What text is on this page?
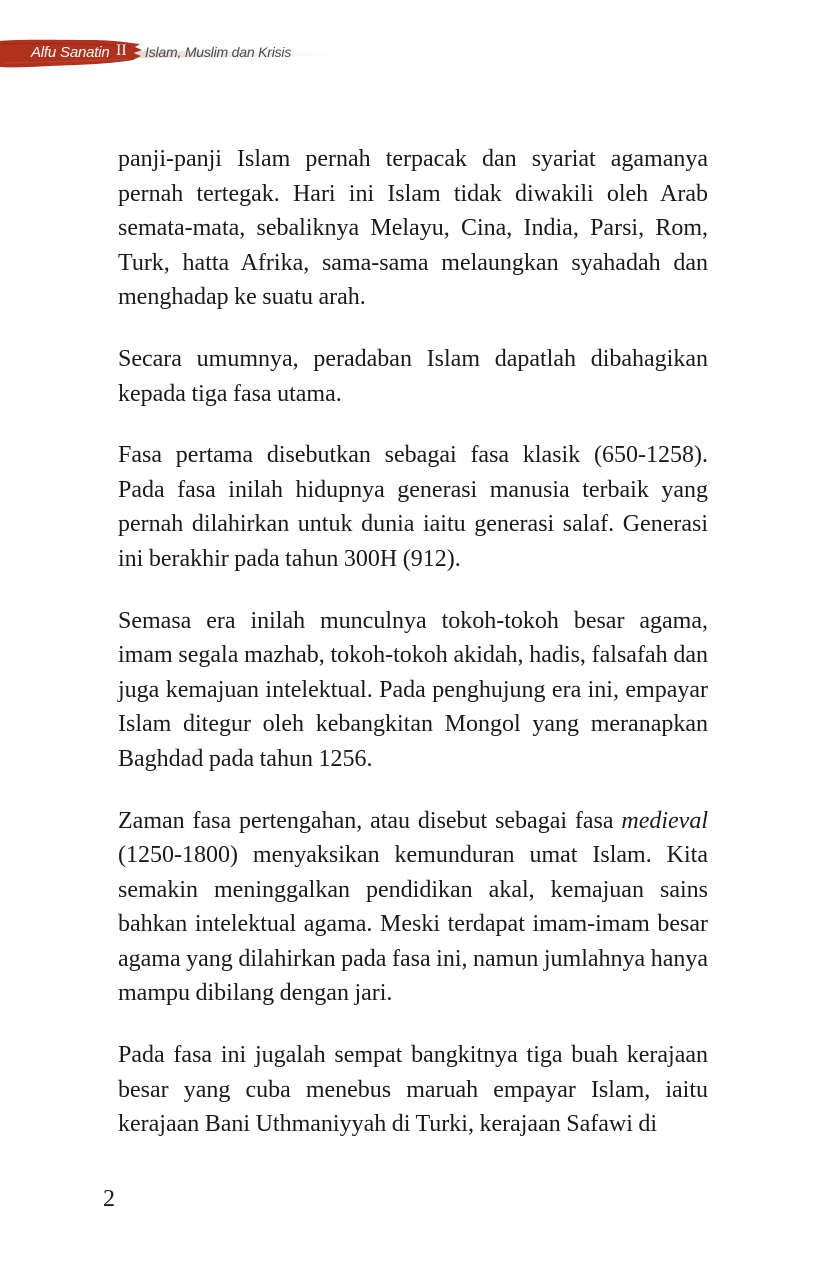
Alfu Sanatin II Islam, Muslim dan Krisis

panji-panji Islam pernah terpacak dan syariat agamanya pernah tertegak. Hari ini Islam tidak diwakili oleh Arab semata-mata, sebaliknya Melayu, Cina, India, Parsi, Rom, Turk, hatta Afrika, sama-sama melaungkan syahadah dan menghadap ke suatu arah.

Secara umumnya, peradaban Islam dapatlah dibahagikan kepada tiga fasa utama.

Fasa pertama disebutkan sebagai fasa klasik (650-1258). Pada fasa inilah hidupnya generasi manusia terbaik yang pernah dilahirkan untuk dunia iaitu generasi salaf. Generasi ini berakhir pada tahun 300H (912).

Semasa era inilah munculnya tokoh-tokoh besar agama, imam segala mazhab, tokoh-tokoh akidah, hadis, falsafah dan juga kemajuan intelektual. Pada penghujung era ini, empayar Islam ditegur oleh kebangkitan Mongol yang meranapkan Baghdad pada tahun 1256.

Zaman fasa pertengahan, atau disebut sebagai fasa medieval (1250-1800) menyaksikan kemunduran umat Islam. Kita semakin meninggalkan pendidikan akal, kemajuan sains bahkan intelektual agama. Meski terdapat imam-imam besar agama yang dilahirkan pada fasa ini, namun jumlahnya hanya mampu dibilang dengan jari.

Pada fasa ini jugalah sempat bangkitnya tiga buah kerajaan besar yang cuba menebus maruah empayar Islam, iaitu kerajaan Bani Uthmaniyyah di Turki, kerajaan Safawi di

2
